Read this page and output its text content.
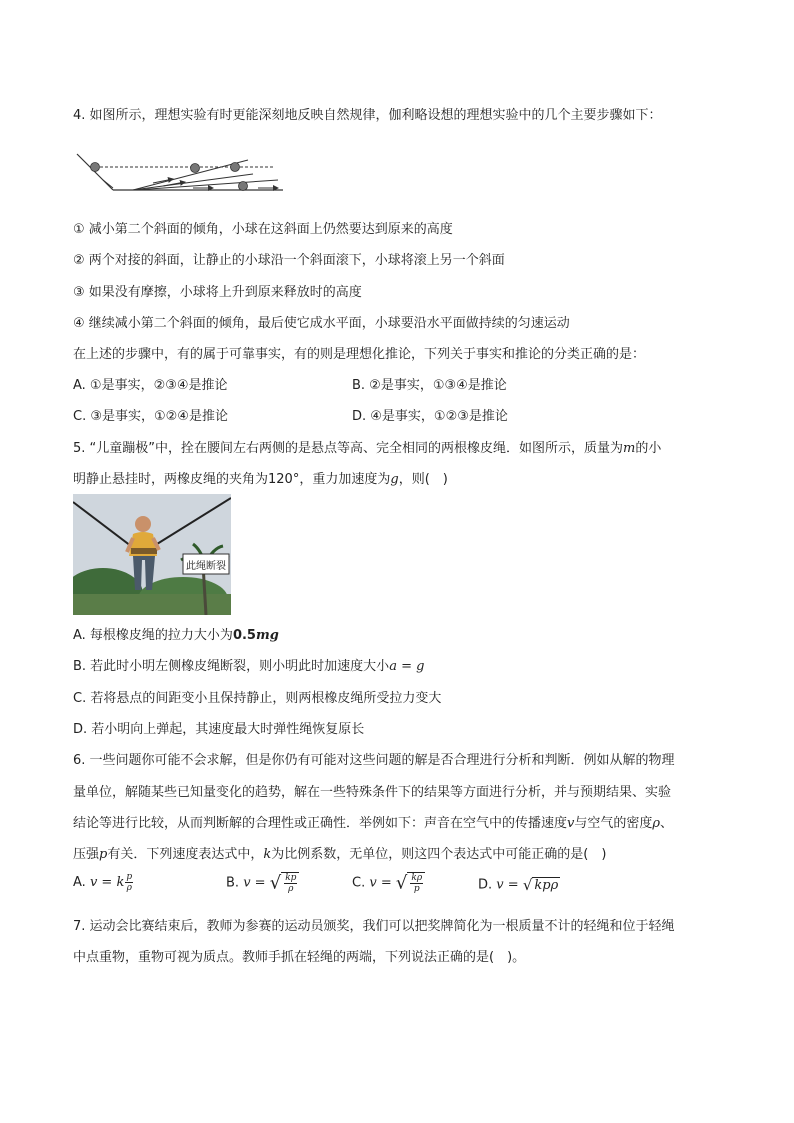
4. 如图所示，理想实验有时更能深刻地反映自然规律，伽利略设想的理想实验中的几个主要步骤如下：
① 减小第二个斜面的倾角，小球在这斜面上仍然要达到原来的高度
② 两个对接的斜面，让静止的小球沿一个斜面滚下，小球将滚上另一个斜面
③ 如果没有摩擦，小球将上升到原来释放时的高度
④ 继续减小第二个斜面的倾角，最后使它成水平面，小球要沿水平面做持续的匀速运动
在上述的步骤中，有的属于可靠事实，有的则是理想化推论，下列关于事实和推论的分类正确的是：
A. ①是事实，②③④是推论	B. ②是事实，①③④是推论
C. ③是事实，①②④是推论	D. ④是事实，①②③是推论
5. “儿童蹦极”中，拴在腰间左右两侧的是悬点等高、完全相同的两根橡皮绳．如图所示，质量为m的小
明静止悬挂时，两橡皮绳的夹角为120°，重力加速度为g，则(　)
此绳断裂
A. 每根橡皮绳的拉力大小为0.5mg
B. 若此时小明左侧橡皮绳断裂，则小明此时加速度大小a = g
C. 若将悬点的间距变小且保持静止，则两根橡皮绳所受拉力变大
D. 若小明向上弹起，其速度最大时弹性绳恢复原长
6. 一些问题你可能不会求解，但是你仍有可能对这些问题的解是否合理进行分析和判断．例如从解的物理
量单位，解随某些已知量变化的趋势，解在一些特殊条件下的结果等方面进行分析，并与预期结果、实验
结论等进行比较，从而判断解的合理性或正确性．举例如下：声音在空气中的传播速度v与空气的密度ρ、
压强p有关．下列速度表达式中，k为比例系数，无单位，则这四个表达式中可能正确的是(　)
A. v = k $\frac{p}{\rho}$	B. v = √ $\frac{kp}{\rho}$	C. v = √ $\frac{k\rho}{p}$	D. v = √ kpρ
7. 运动会比赛结束后，教师为参赛的运动员颁奖，我们可以把奖牌简化为一根质量不计的轻绳和位于轻绳
中点重物，重物可视为质点。教师手抓在轻绳的两端，下列说法正确的是(　)。
